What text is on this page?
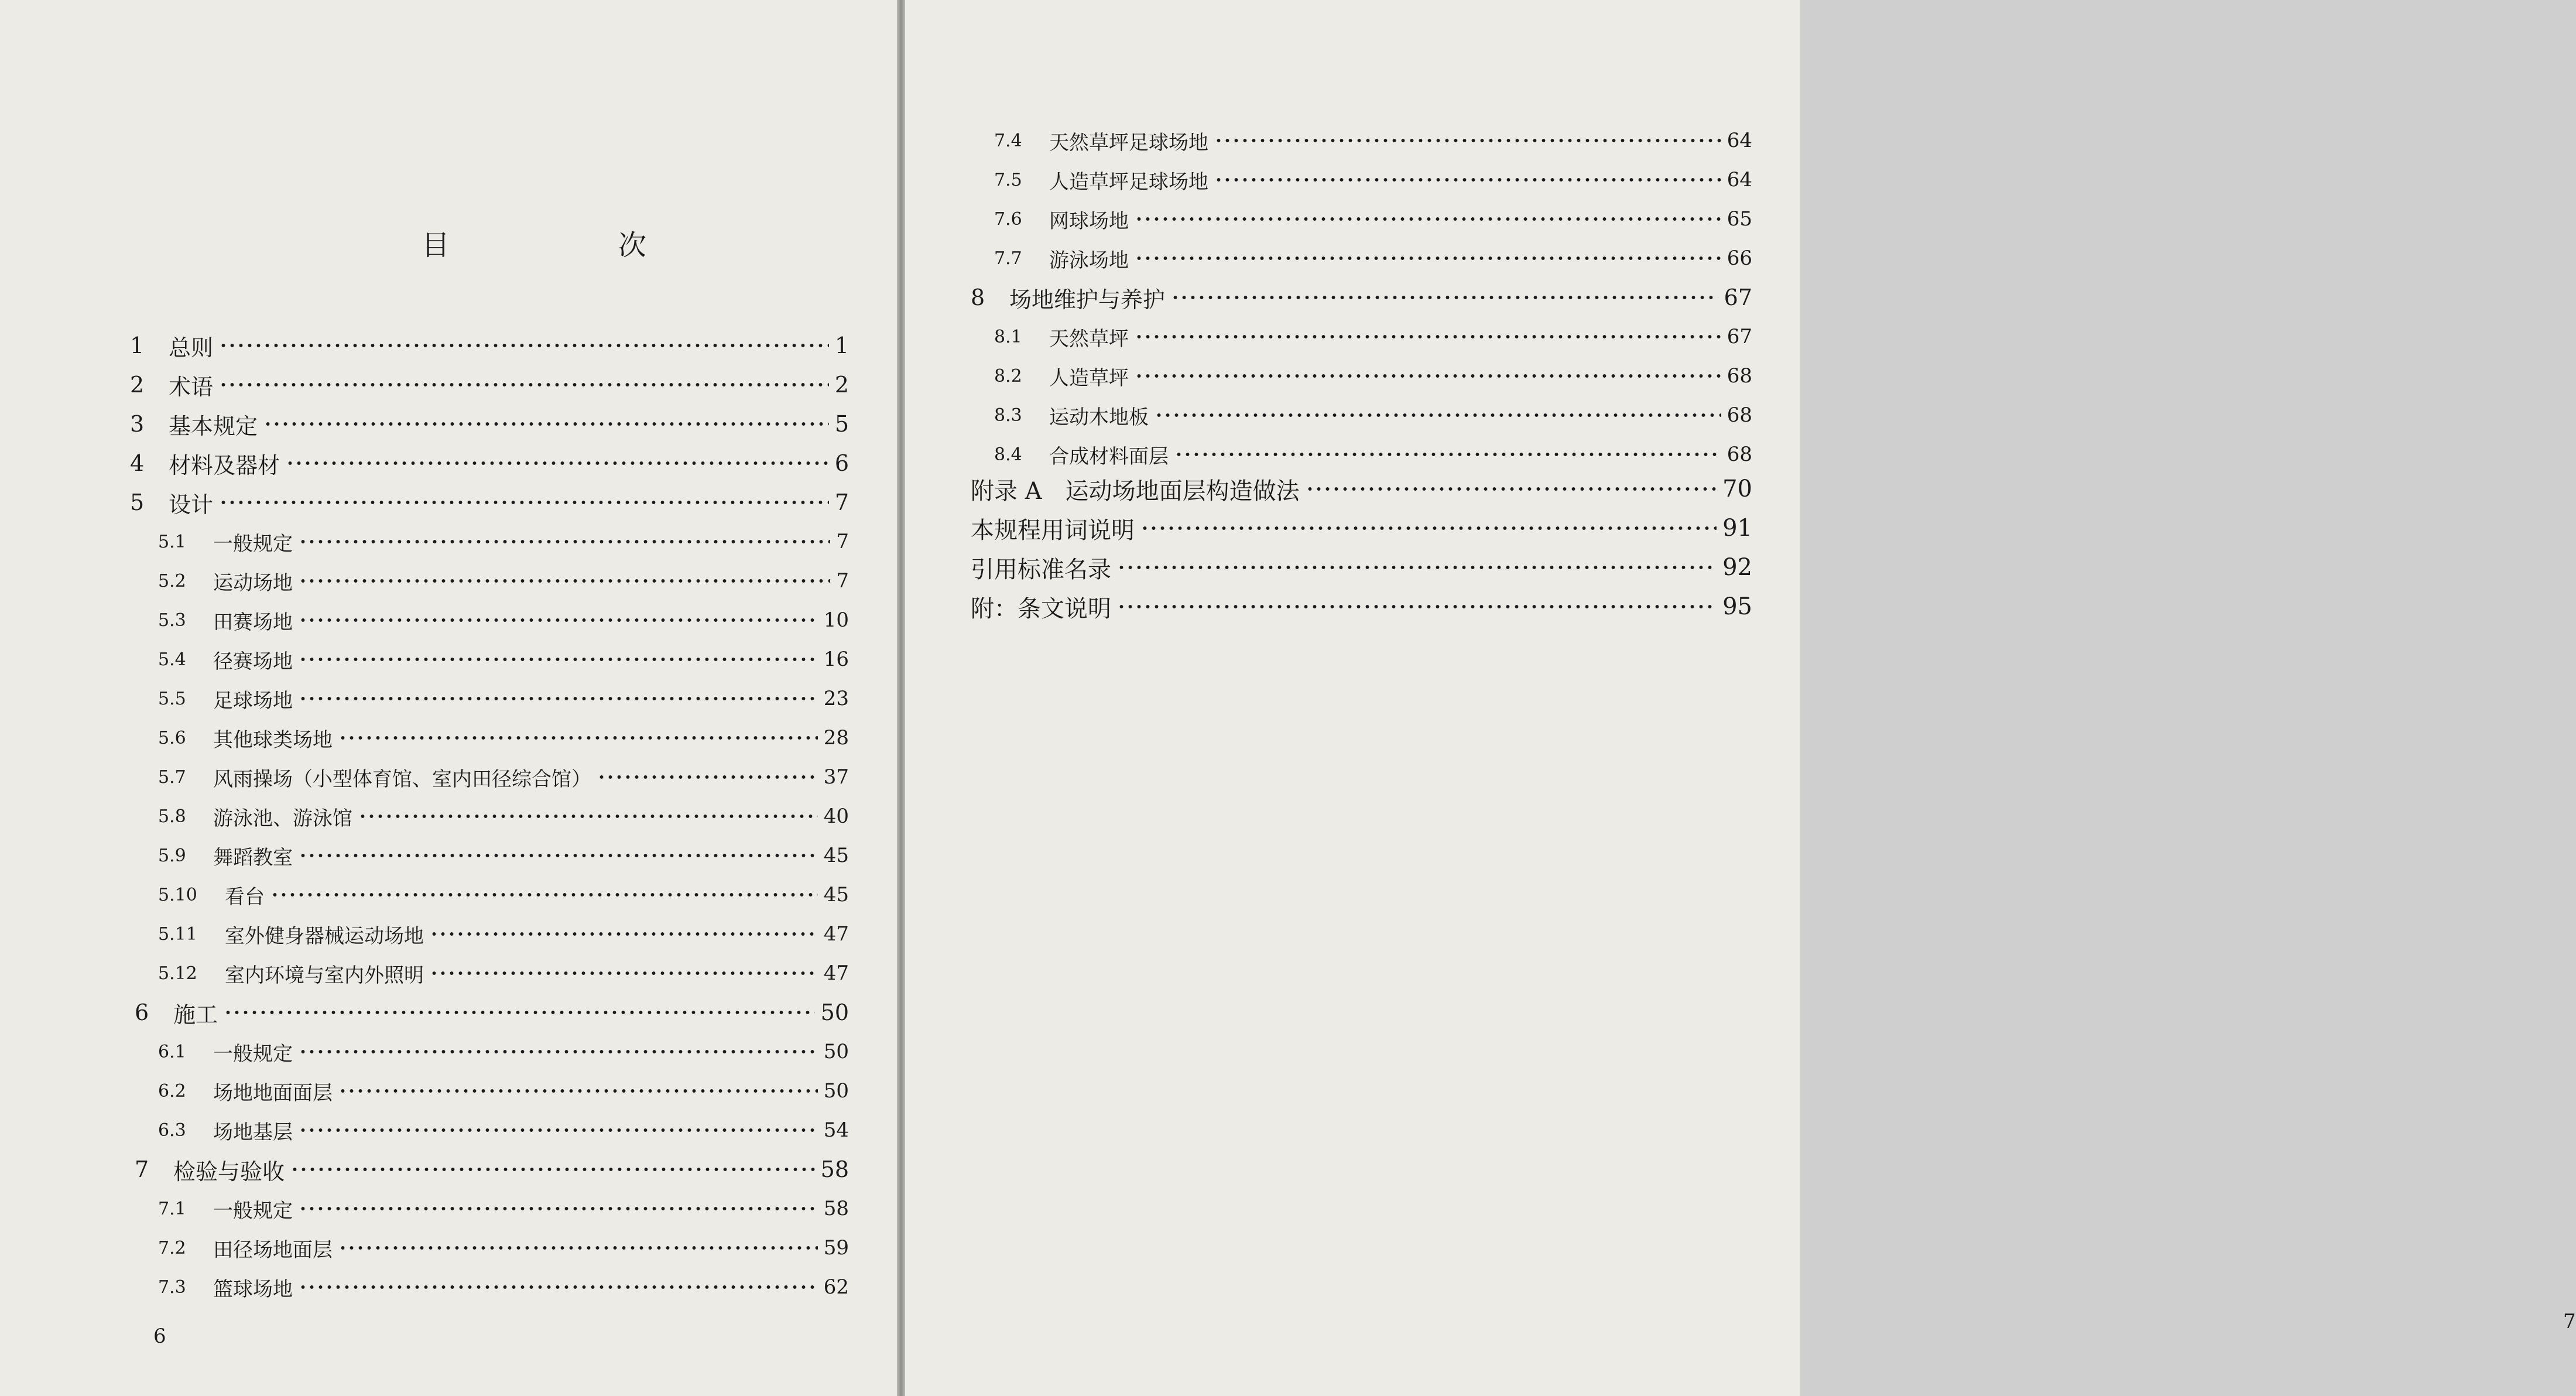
目　次
1	总则	1
2	术语	2
3	基本规定	5
4	材料及器材	6
5	设计	7
5.1	一般规定	7
5.2	运动场地	7
5.3	田赛场地	10
5.4	径赛场地	16
5.5	足球场地	23
5.6	其他球类场地	28
5.7	风雨操场（小型体育馆、室内田径综合馆）	37
5.8	游泳池、游泳馆	40
5.9	舞蹈教室	45
5.10	看台	45
5.11	室外健身器械运动场地	47
5.12	室内环境与室内外照明	47
6	施工	50
6.1	一般规定	50
6.2	场地地面面层	50
6.3	场地基层	54
7	检验与验收	58
7.1	一般规定	58
7.2	田径场地面层	59
7.3	篮球场地	62
6
7.4	天然草坪足球场地	64
7.5	人造草坪足球场地	64
7.6	网球场地	65
7.7	游泳场地	66
8	场地维护与养护	67
8.1	天然草坪	67
8.2	人造草坪	68
8.3	运动木地板	68
8.4	合成材料面层	68
附录 A　运动场地面层构造做法	70
本规程用词说明	91
引用标准名录	92
附：条文说明	95
7
